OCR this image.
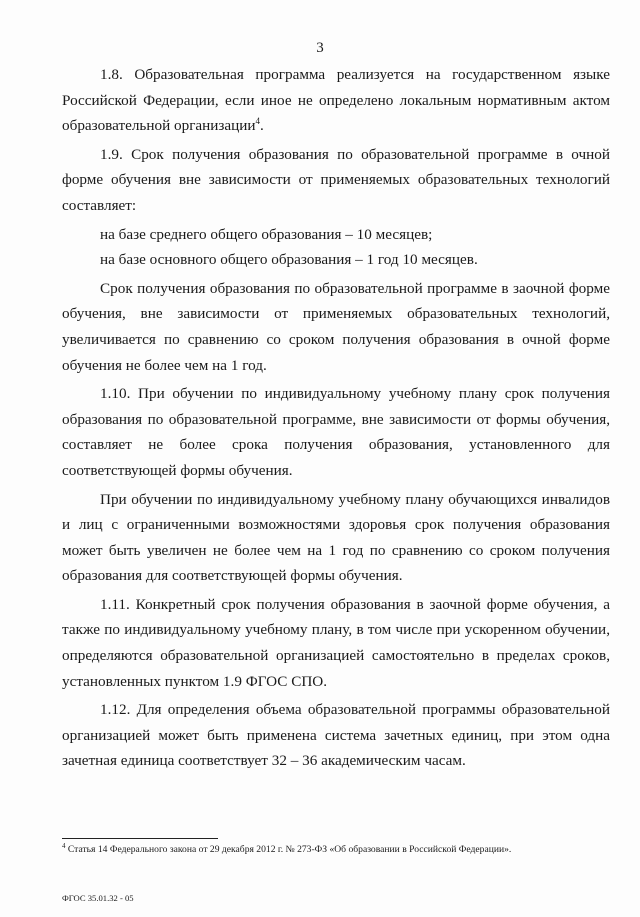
3

1.8. Образовательная программа реализуется на государственном языке Российской Федерации, если иное не определено локальным нормативным актом образовательной организации$^4$.

1.9. Срок получения образования по образовательной программе в очной форме обучения вне зависимости от применяемых образовательных технологий составляет:

на базе среднего общего образования – 10 месяцев;

на базе основного общего образования – 1 год 10 месяцев.

Срок получения образования по образовательной программе в заочной форме обучения, вне зависимости от применяемых образовательных технологий, увеличивается по сравнению со сроком получения образования в очной форме обучения не более чем на 1 год.

1.10. При обучении по индивидуальному учебному плану срок получения образования по образовательной программе, вне зависимости от формы обучения, составляет не более срока получения образования, установленного для соответствующей формы обучения.

При обучении по индивидуальному учебному плану обучающихся инвалидов и лиц с ограниченными возможностями здоровья срок получения образования может быть увеличен не более чем на 1 год по сравнению со сроком получения образования для соответствующей формы обучения.

1.11. Конкретный срок получения образования в заочной форме обучения, а также по индивидуальному учебному плану, в том числе при ускоренном обучении, определяются образовательной организацией самостоятельно в пределах сроков, установленных пунктом 1.9 ФГОС СПО.

1.12. Для определения объема образовательной программы образовательной организацией может быть применена система зачетных единиц, при этом одна зачетная единица соответствует 32 – 36 академическим часам.

$^4$ Статья 14 Федерального закона от 29 декабря 2012 г. № 273-ФЗ «Об образовании в Российской Федерации».
ФГОС 35.01.32 - 05
